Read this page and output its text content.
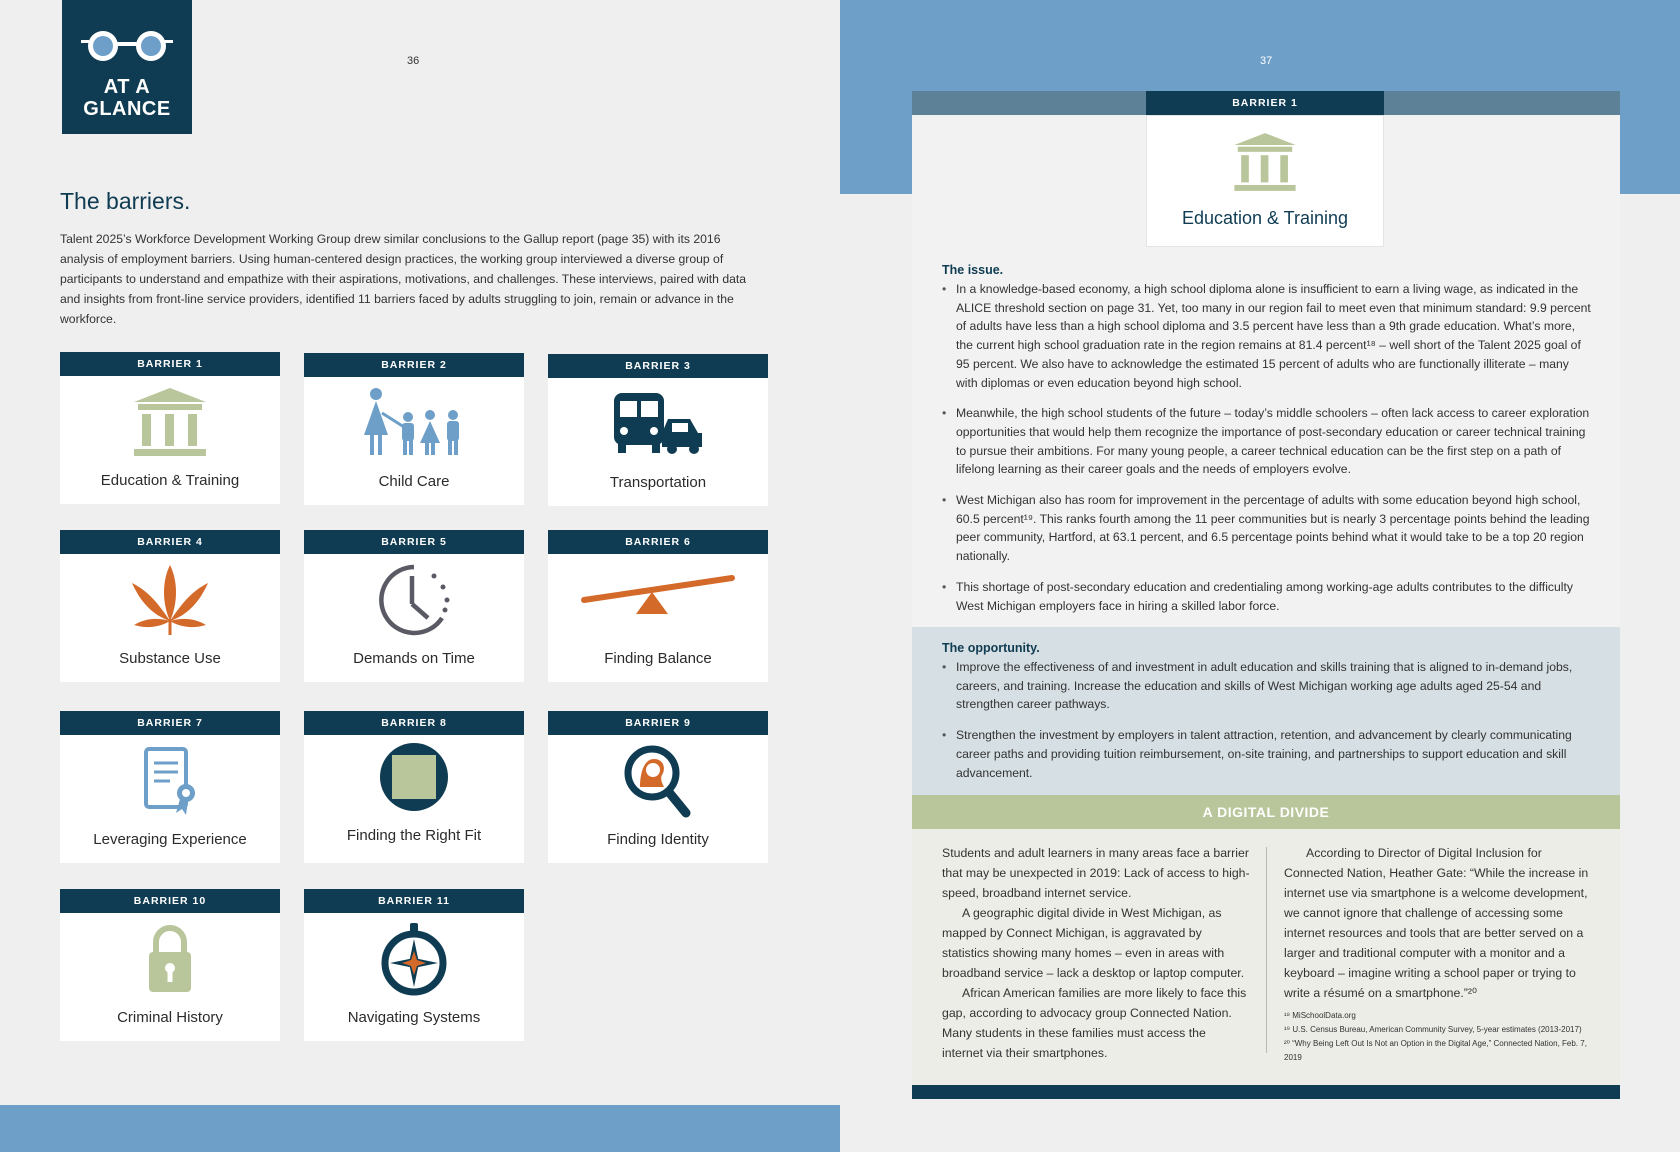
AT A
GLANCE
36
The barriers.

Talent 2025’s Workforce Development Working Group drew similar conclusions to the Gallup report (page 35) with its 2016 analysis of employment barriers. Using human-centered design practices, the working group interviewed a diverse group of participants to understand and empathize with their aspirations, motivations, and challenges. These interviews, paired with data and insights from front-line service providers, identified 11 barriers faced by adults struggling to join, remain or advance in the workforce.

BARRIER 1
Education & Training
BARRIER 2
Child Care
BARRIER 3
Transportation
BARRIER 4
Substance Use
BARRIER 5
Demands on Time
BARRIER 6
Finding Balance
BARRIER 7
Leveraging Experience
BARRIER 8
Finding the Right Fit
BARRIER 9
Finding Identity
BARRIER 10
Criminal History
BARRIER 11
Navigating Systems
37
BARRIER 1
Education & Training
The issue.
• In a knowledge-based economy, a high school diploma alone is insufficient to earn a living wage, as indicated in the ALICE threshold section on page 31. Yet, too many in our region fail to meet even that minimum standard: 9.9 percent of adults have less than a high school diploma and 3.5 percent have less than a 9th grade education. What’s more, the current high school graduation rate in the region remains at 81.4 percent¹⁸ – well short of the Talent 2025 goal of 95 percent. We also have to acknowledge the estimated 15 percent of adults who are functionally illiterate – many with diplomas or even education beyond high school.
• Meanwhile, the high school students of the future – today’s middle schoolers – often lack access to career exploration opportunities that would help them recognize the importance of post-secondary education or career technical training to pursue their ambitions. For many young people, a career technical education can be the first step on a path of lifelong learning as their career goals and the needs of employers evolve.
• West Michigan also has room for improvement in the percentage of adults with some education beyond high school, 60.5 percent¹⁹. This ranks fourth among the 11 peer communities but is nearly 3 percentage points behind the leading peer community, Hartford, at 63.1 percent, and 6.5 percentage points behind what it would take to be a top 20 region nationally.
• This shortage of post-secondary education and credentialing among working-age adults contributes to the difficulty West Michigan employers face in hiring a skilled labor force.
The opportunity.
• Improve the effectiveness of and investment in adult education and skills training that is aligned to in-demand jobs, careers, and training. Increase the education and skills of West Michigan working age adults aged 25-54 and strengthen career pathways.
• Strengthen the investment by employers in talent attraction, retention, and advancement by clearly communicating career paths and providing tuition reimbursement, on-site training, and partnerships to support education and skill advancement.
A DIGITAL DIVIDE

Students and adult learners in many areas face a barrier that may be unexpected in 2019: Lack of access to high-speed, broadband internet service.

A geographic digital divide in West Michigan, as mapped by Connect Michigan, is aggravated by statistics showing many homes – even in areas with broadband service – lack a desktop or laptop computer.

African American families are more likely to face this gap, according to advocacy group Connected Nation. Many students in these families must access the internet via their smartphones.

According to Director of Digital Inclusion for Connected Nation, Heather Gate: “While the increase in internet use via smartphone is a welcome development, we cannot ignore that challenge of accessing some internet resources and tools that are better served on a larger and traditional computer with a monitor and a keyboard – imagine writing a school paper or trying to write a résumé on a smartphone.”²⁰

¹⁸ MiSchoolData.org
¹⁹ U.S. Census Bureau, American Community Survey, 5-year estimates (2013-2017)
²⁰ “Why Being Left Out Is Not an Option in the Digital Age,” Connected Nation, Feb. 7, 2019
